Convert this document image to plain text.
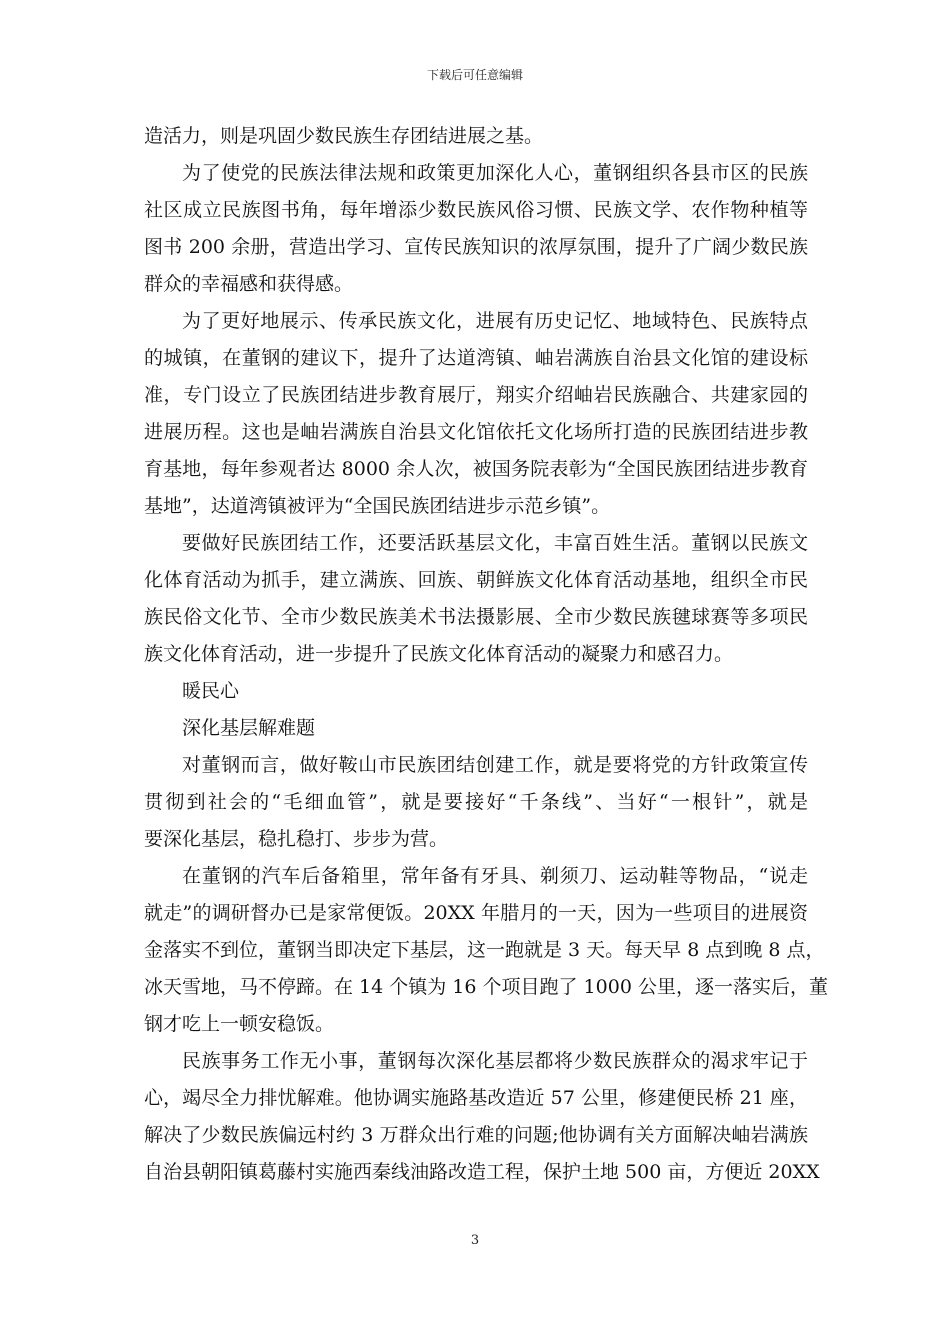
下载后可任意编辑
造活力，则是巩固少数民族生存团结进展之基。
为了使党的民族法律法规和政策更加深化人心，董钢组织各县市区的民族
社区成立民族图书角，每年增添少数民族风俗习惯、民族文学、农作物种植等
图书 200 余册，营造出学习、宣传民族知识的浓厚氛围，提升了广阔少数民族
群众的幸福感和获得感。
为了更好地展示、传承民族文化，进展有历史记忆、地域特色、民族特点
的城镇，在董钢的建议下，提升了达道湾镇、岫岩满族自治县文化馆的建设标
准，专门设立了民族团结进步教育展厅，翔实介绍岫岩民族融合、共建家园的
进展历程。这也是岫岩满族自治县文化馆依托文化场所打造的民族团结进步教
育基地，每年参观者达 8000 余人次，被国务院表彰为“全国民族团结进步教育
基地”，达道湾镇被评为“全国民族团结进步示范乡镇”。
要做好民族团结工作，还要活跃基层文化，丰富百姓生活。董钢以民族文
化体育活动为抓手，建立满族、回族、朝鲜族文化体育活动基地，组织全市民
族民俗文化节、全市少数民族美术书法摄影展、全市少数民族毽球赛等多项民
族文化体育活动，进一步提升了民族文化体育活动的凝聚力和感召力。
暖民心
深化基层解难题
对董钢而言，做好鞍山市民族团结创建工作，就是要将党的方针政策宣传
贯彻到社会的“毛细血管”，就是要接好“千条线”、当好“一根针”，就是
要深化基层，稳扎稳打、步步为营。
在董钢的汽车后备箱里，常年备有牙具、剃须刀、运动鞋等物品，“说走
就走”的调研督办已是家常便饭。20XX 年腊月的一天，因为一些项目的进展资
金落实不到位，董钢当即决定下基层，这一跑就是 3 天。每天早 8 点到晚 8 点，
冰天雪地，马不停蹄。在 14 个镇为 16 个项目跑了 1000 公里，逐一落实后，董
钢才吃上一顿安稳饭。
民族事务工作无小事，董钢每次深化基层都将少数民族群众的渴求牢记于
心，竭尽全力排忧解难。他协调实施路基改造近 57 公里，修建便民桥 21 座，
解决了少数民族偏远村约 3 万群众出行难的问题;他协调有关方面解决岫岩满族
自治县朝阳镇葛藤村实施西秦线油路改造工程，保护土地 500 亩，方便近 20XX
3
